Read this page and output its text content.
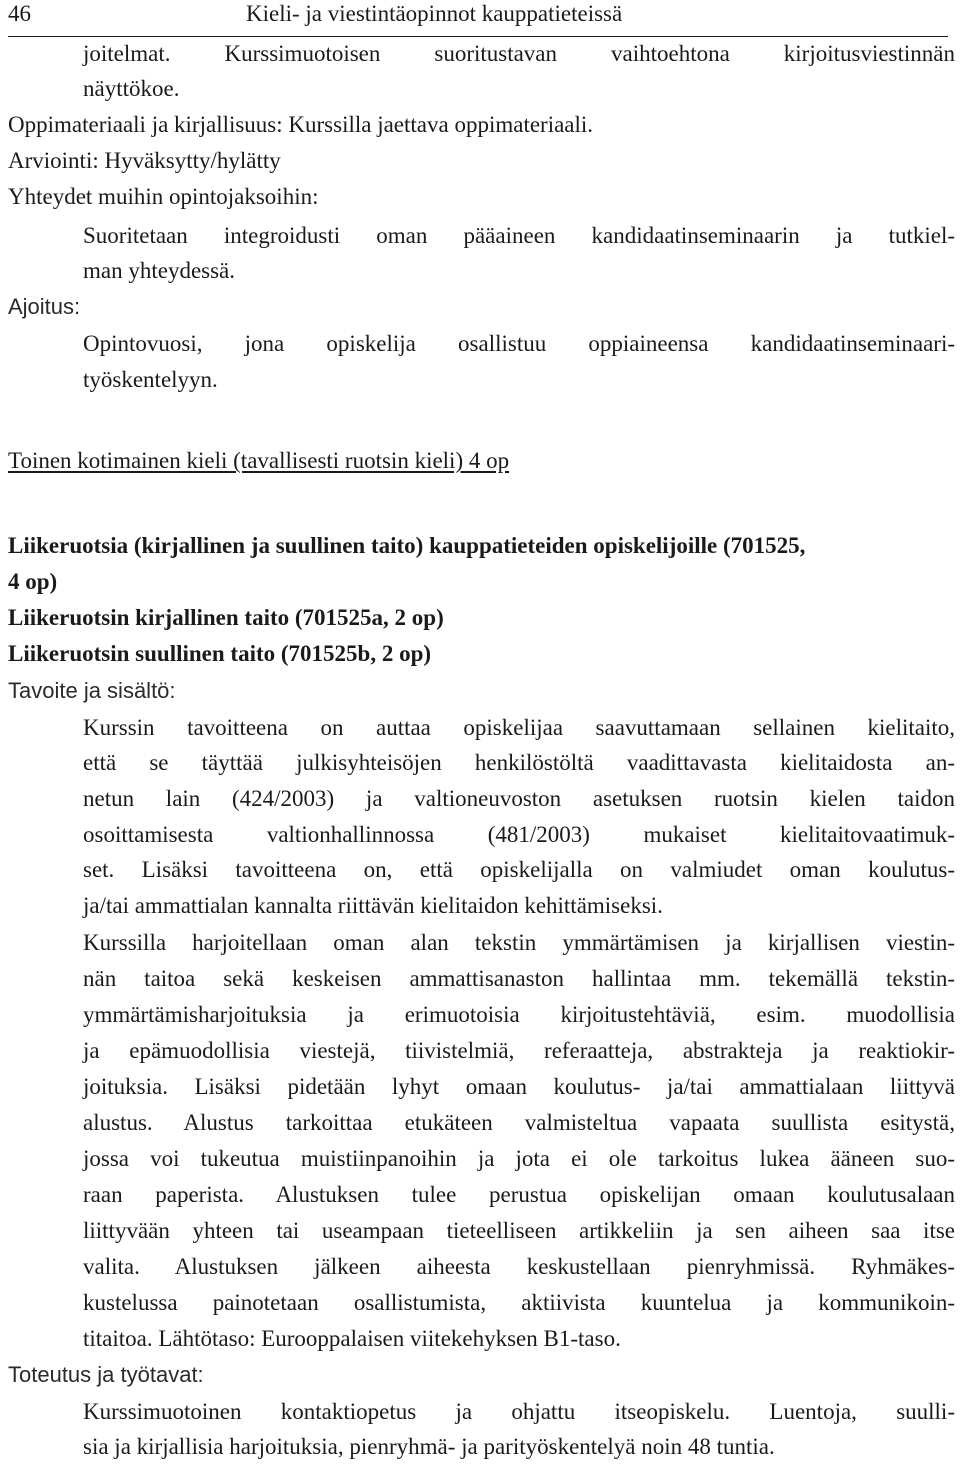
46	Kieli- ja viestintäopinnot kauppatieteissä
joitelmat. Kurssimuotoisen suoritustavan vaihtoehtona kirjoitusviestinnän
näyttökoe.
Oppimateriaali ja kirjallisuus: Kurssilla jaettava oppimateriaali.
Arviointi: Hyväksytty/hylätty
Yhteydet muihin opintojaksoihin:
Suoritetaan integroidusti oman pääaineen kandidaatinseminaarin ja tutkiel-
man yhteydessä.
Ajoitus:
Opintovuosi, jona opiskelija osallistuu oppiaineensa kandidaatinseminaari-
työskentelyyn.
Toinen kotimainen kieli (tavallisesti ruotsin kieli) 4 op
Liikeruotsia (kirjallinen ja suullinen taito) kauppatieteiden opiskelijoille (701525,
4 op)
Liikeruotsin kirjallinen taito (701525a, 2 op)
Liikeruotsin suullinen taito (701525b, 2 op)
Tavoite ja sisältö:
Kurssin tavoitteena on auttaa opiskelijaa saavuttamaan sellainen kielitaito,
että se täyttää julkisyhteisöjen henkilöstöltä vaadittavasta kielitaidosta an-
netun lain (424/2003) ja valtioneuvoston asetuksen ruotsin kielen taidon
osoittamisesta valtionhallinnossa (481/2003) mukaiset kielitaitovaatimuk-
set. Lisäksi tavoitteena on, että opiskelijalla on valmiudet oman koulutus-
ja/tai ammattialan kannalta riittävän kielitaidon kehittämiseksi.
Kurssilla harjoitellaan oman alan tekstin ymmärtämisen ja kirjallisen viestin-
nän taitoa sekä keskeisen ammattisanaston hallintaa mm. tekemällä tekstin-
ymmärtämisharjoituksia ja erimuotoisia kirjoitustehtäviä, esim. muodollisia
ja epämuodollisia viestejä, tiivistelmiä, referaatteja, abstrakteja ja reaktiokir-
joituksia. Lisäksi pidetään lyhyt omaan koulutus- ja/tai ammattialaan liittyvä
alustus. Alustus tarkoittaa etukäteen valmisteltua vapaata suullista esitystä,
jossa voi tukeutua muistiinpanoihin ja jota ei ole tarkoitus lukea ääneen suo-
raan paperista. Alustuksen tulee perustua opiskelijan omaan koulutusalaan
liittyvään yhteen tai useampaan tieteelliseen artikkeliin ja sen aiheen saa itse
valita. Alustuksen jälkeen aiheesta keskustellaan pienryhmissä. Ryhmäkes-
kustelussa painotetaan osallistumista, aktiivista kuuntelua ja kommunikoin-
titaitoa. Lähtötaso: Eurooppalaisen viitekehyksen B1-taso.
Toteutus ja työtavat:
Kurssimuotoinen kontaktiopetus ja ohjattu itseopiskelu. Luentoja, suulli-
sia ja kirjallisia harjoituksia, pienryhmä- ja parityöskentelyä noin 48 tuntia.
